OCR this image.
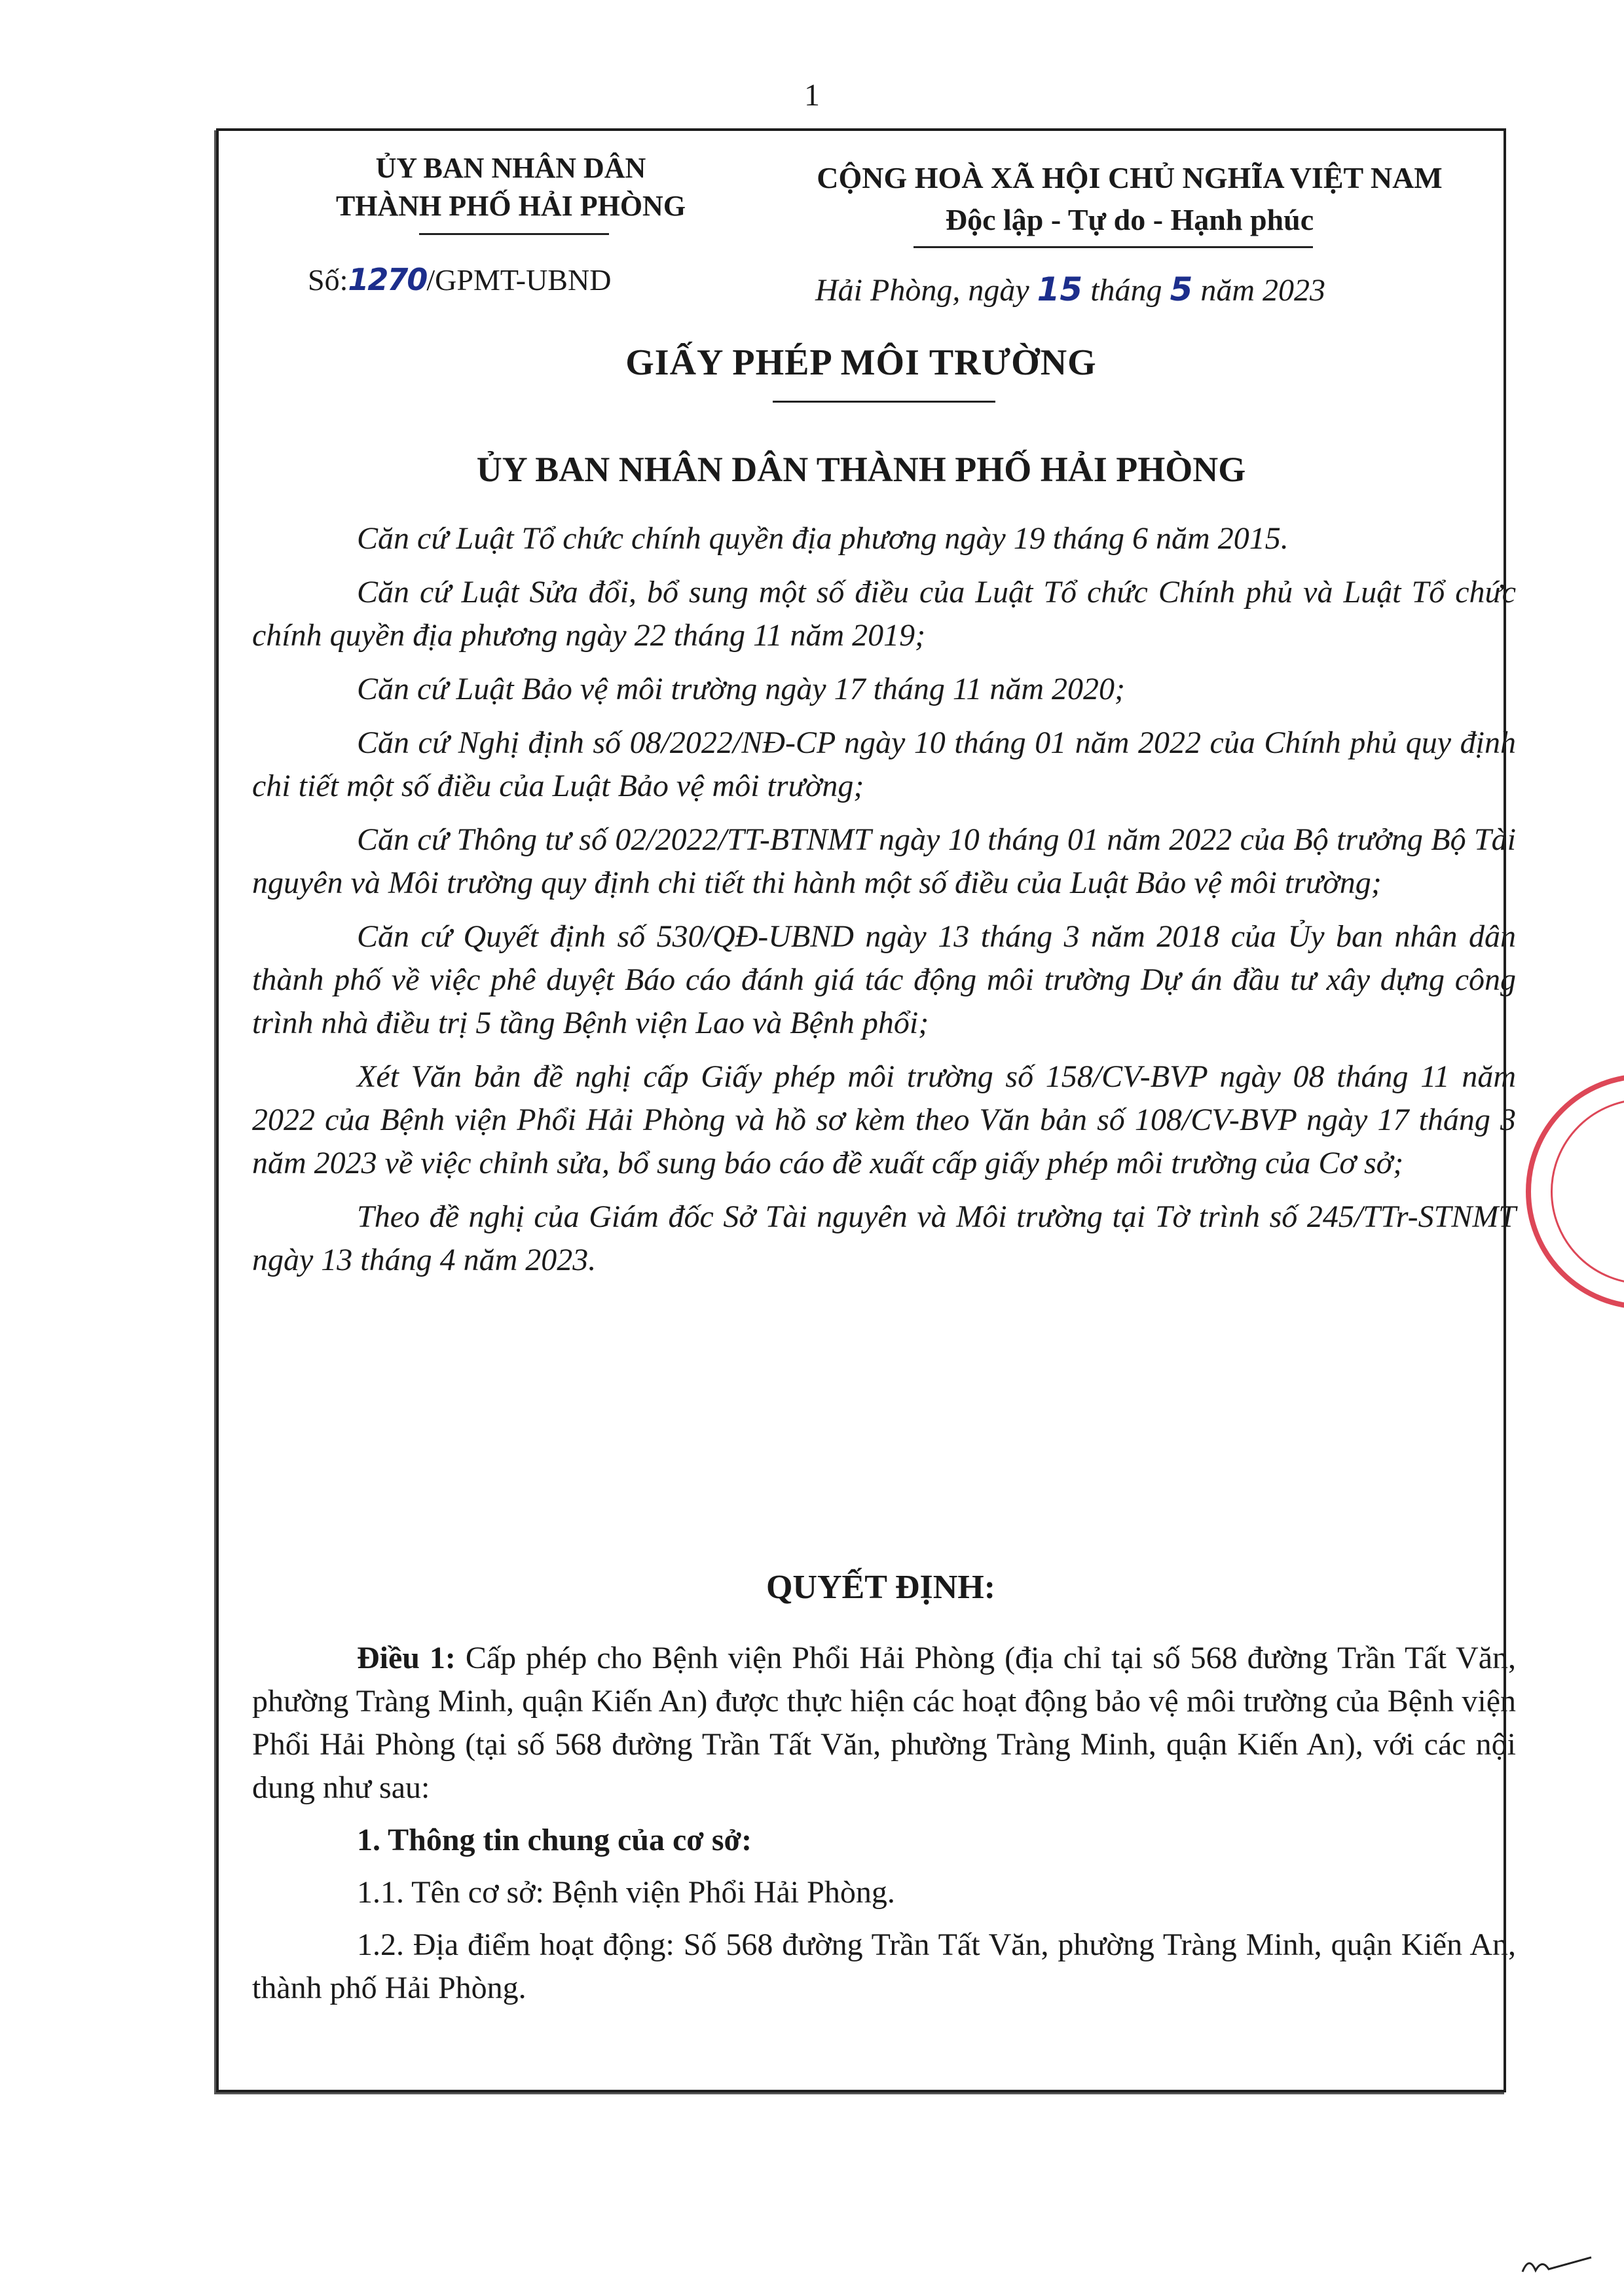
1
ỦY BAN NHÂN DÂN
THÀNH PHỐ HẢI PHÒNG
CỘNG HOÀ XÃ HỘI CHỦ NGHĨA VIỆT NAM
Độc lập - Tự do - Hạnh phúc
Số:1270/GPMT-UBND	Hải Phòng, ngày 15 tháng 5 năm 2023
GIẤY PHÉP MÔI TRƯỜNG
ỦY BAN NHÂN DÂN THÀNH PHỐ HẢI PHÒNG

Căn cứ Luật Tổ chức chính quyền địa phương ngày 19 tháng 6 năm 2015.

Căn cứ Luật Sửa đổi, bổ sung một số điều của Luật Tổ chức Chính phủ và Luật Tổ chức chính quyền địa phương ngày 22 tháng 11 năm 2019;

Căn cứ Luật Bảo vệ môi trường ngày 17 tháng 11 năm 2020;

Căn cứ Nghị định số 08/2022/NĐ-CP ngày 10 tháng 01 năm 2022 của Chính phủ quy định chi tiết một số điều của Luật Bảo vệ môi trường;

Căn cứ Thông tư số 02/2022/TT-BTNMT ngày 10 tháng 01 năm 2022 của Bộ trưởng Bộ Tài nguyên và Môi trường quy định chi tiết thi hành một số điều của Luật Bảo vệ môi trường;

Căn cứ Quyết định số 530/QĐ-UBND ngày 13 tháng 3 năm 2018 của Ủy ban nhân dân thành phố về việc phê duyệt Báo cáo đánh giá tác động môi trường Dự án đầu tư xây dựng công trình nhà điều trị 5 tầng Bệnh viện Lao và Bệnh phổi;

Xét Văn bản đề nghị cấp Giấy phép môi trường số 158/CV-BVP ngày 08 tháng 11 năm 2022 của Bệnh viện Phổi Hải Phòng và hồ sơ kèm theo Văn bản số 108/CV-BVP ngày 17 tháng 3 năm 2023 về việc chỉnh sửa, bổ sung báo cáo đề xuất cấp giấy phép môi trường của Cơ sở;

Theo đề nghị của Giám đốc Sở Tài nguyên và Môi trường tại Tờ trình số 245/TTr-STNMT ngày 13 tháng 4 năm 2023.

QUYẾT ĐỊNH:

Điều 1: Cấp phép cho Bệnh viện Phổi Hải Phòng (địa chỉ tại số 568 đường Trần Tất Văn, phường Tràng Minh, quận Kiến An) được thực hiện các hoạt động bảo vệ môi trường của Bệnh viện Phổi Hải Phòng (tại số 568 đường Trần Tất Văn, phường Tràng Minh, quận Kiến An), với các nội dung như sau:

1. Thông tin chung của cơ sở:

1.1. Tên cơ sở: Bệnh viện Phổi Hải Phòng.

1.2. Địa điểm hoạt động: Số 568 đường Trần Tất Văn, phường Tràng Minh, quận Kiến An, thành phố Hải Phòng.
